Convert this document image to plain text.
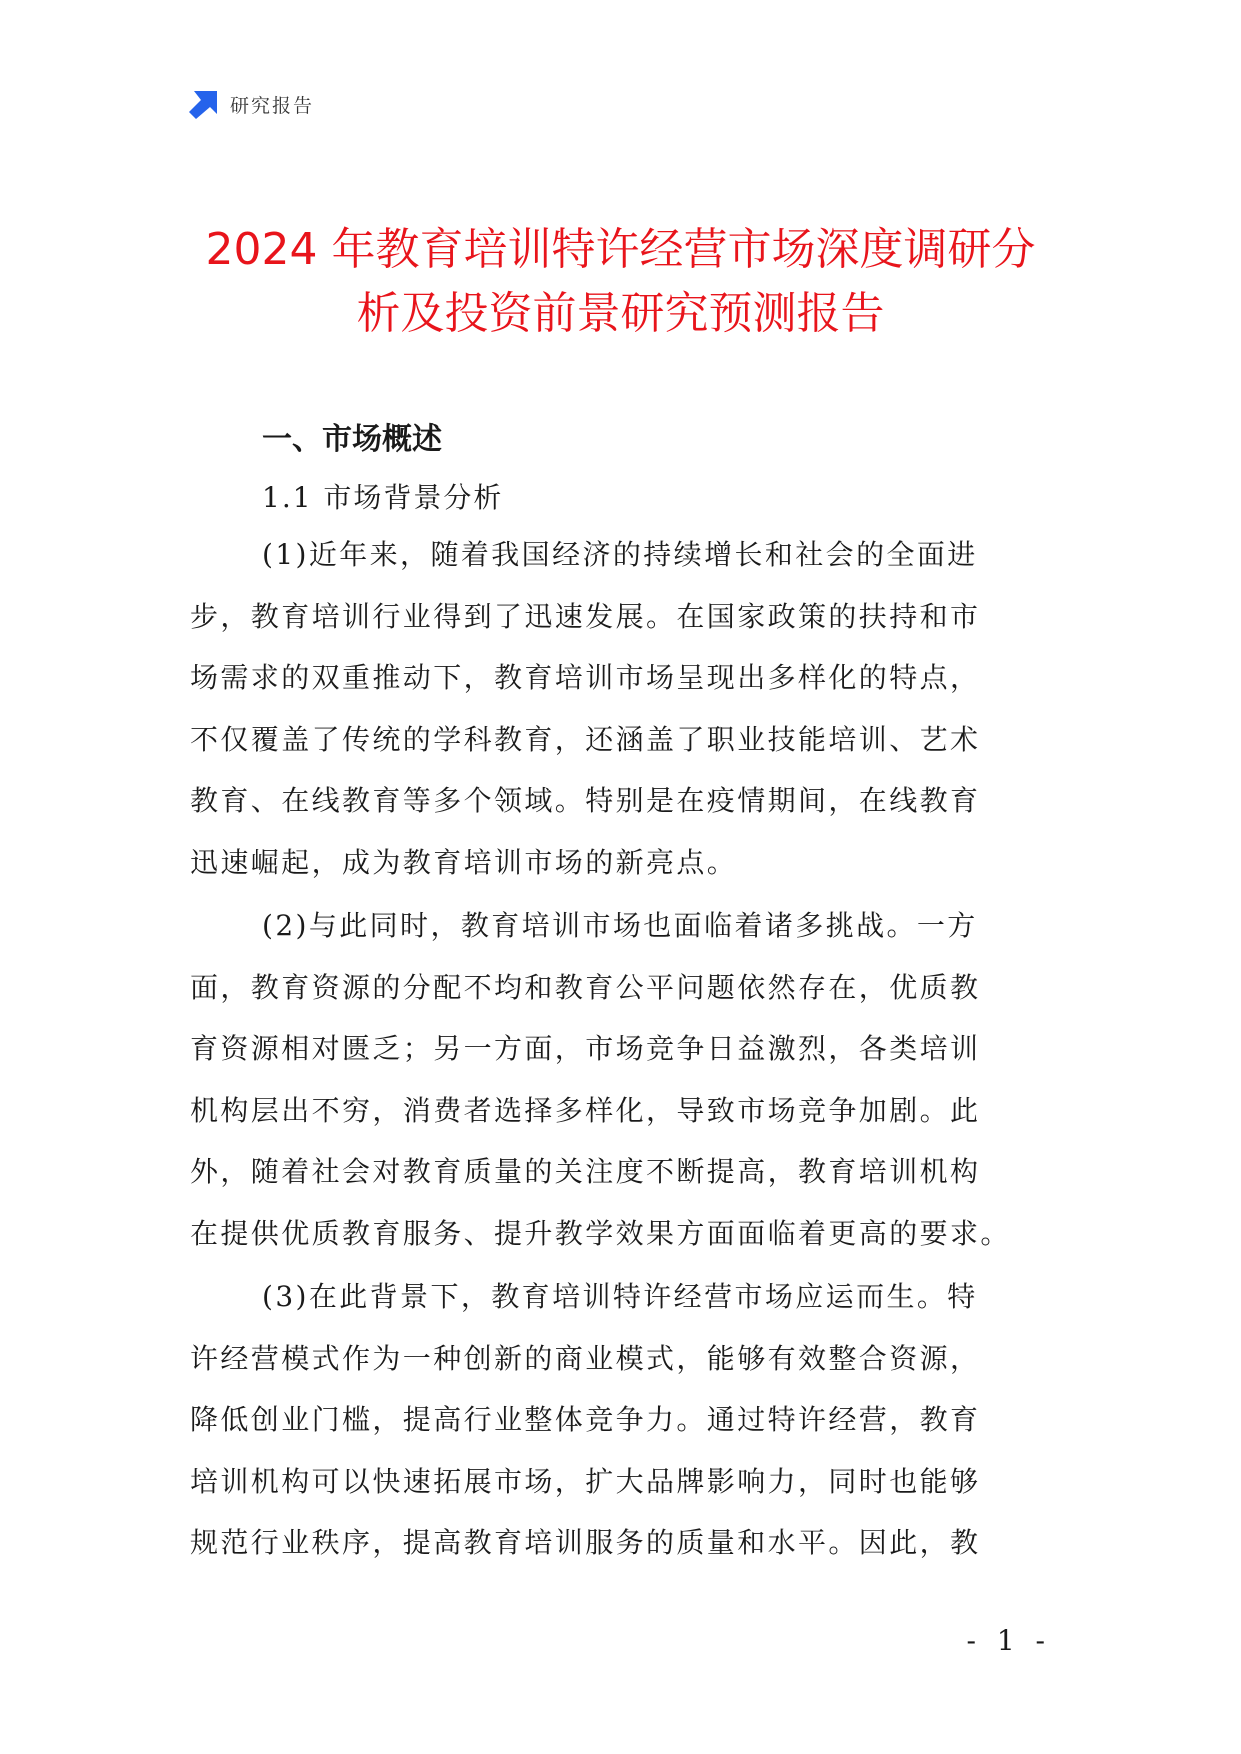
研究报告
2024 年教育培训特许经营市场深度调研分
析及投资前景研究预测报告
一、市场概述
1.1 市场背景分析
(1)近年来，随着我国经济的持续增长和社会的全面进
步，教育培训行业得到了迅速发展。在国家政策的扶持和市
场需求的双重推动下，教育培训市场呈现出多样化的特点，
不仅覆盖了传统的学科教育，还涵盖了职业技能培训、艺术
教育、在线教育等多个领域。特别是在疫情期间，在线教育
迅速崛起，成为教育培训市场的新亮点。
(2)与此同时，教育培训市场也面临着诸多挑战。一方
面，教育资源的分配不均和教育公平问题依然存在，优质教
育资源相对匮乏；另一方面，市场竞争日益激烈，各类培训
机构层出不穷，消费者选择多样化，导致市场竞争加剧。此
外，随着社会对教育质量的关注度不断提高，教育培训机构
在提供优质教育服务、提升教学效果方面面临着更高的要求。
(3)在此背景下，教育培训特许经营市场应运而生。特
许经营模式作为一种创新的商业模式，能够有效整合资源，
降低创业门槛，提高行业整体竞争力。通过特许经营，教育
培训机构可以快速拓展市场，扩大品牌影响力，同时也能够
规范行业秩序，提高教育培训服务的质量和水平。因此，教
- 1 -
